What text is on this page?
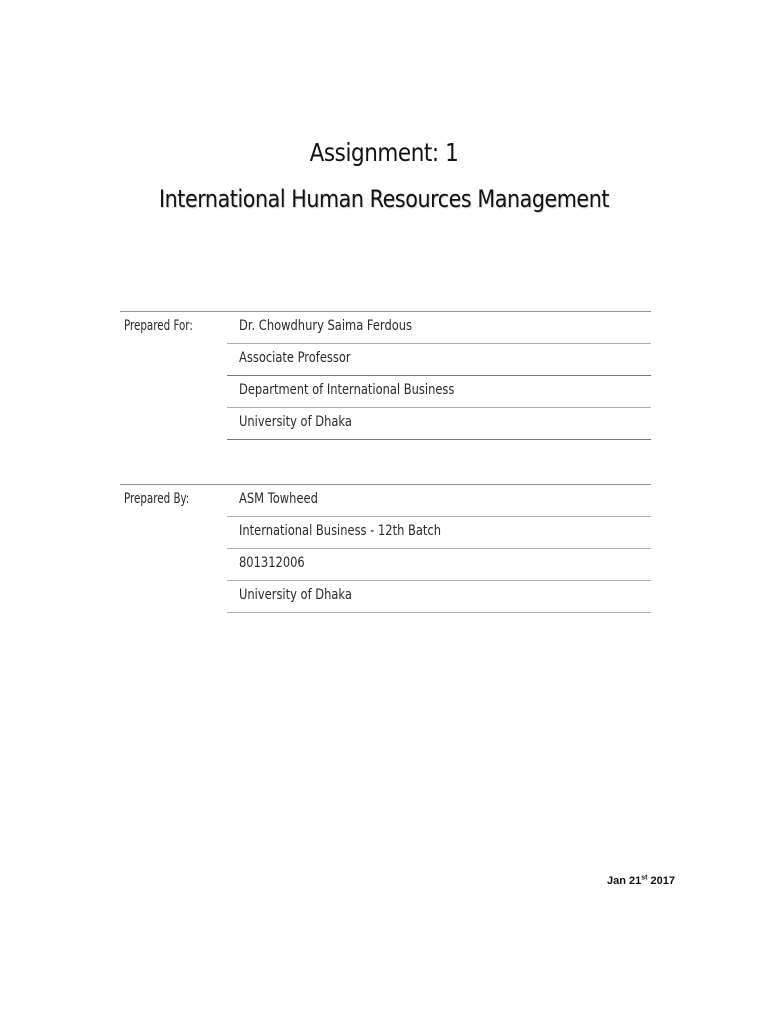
Assignment: 1
International Human Resources Management
Prepared For:	Dr. Chowdhury Saima Ferdous
Associate Professor
Department of International Business
University of Dhaka
Prepared By:	ASM Towheed
International Business - 12th Batch
801312006
University of Dhaka
Jan 21st 2017
